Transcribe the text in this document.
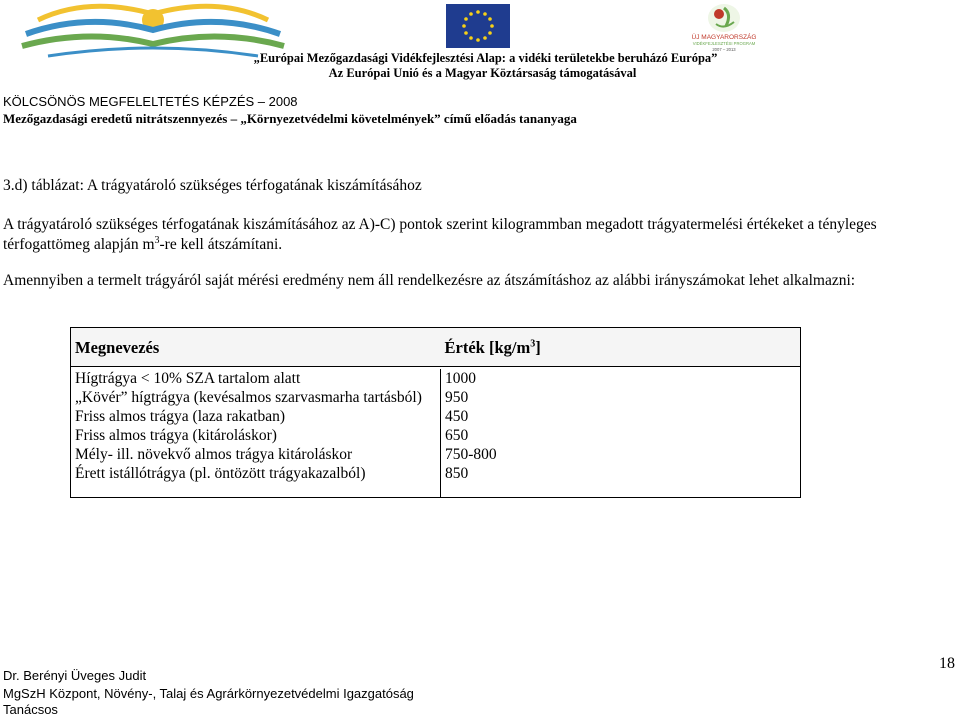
ÚJ MAGYARORSZÁG
VIDÉKFEJLESZTÉSI PROGRAM
2007 – 2013
„Európai Mezőgazdasági Vidékfejlesztési Alap: a vidéki területekbe beruházó Európa”
Az Európai Unió és a Magyar Köztársaság támogatásával
KÖLCSÖNÖS MEGFELELTETÉS KÉPZÉS – 2008
Mezőgazdasági eredetű nitrátszennyezés – „Környezetvédelmi követelmények” című előadás tananyaga
3.d) táblázat: A trágyatároló szükséges térfogatának kiszámításához
A trágyatároló szükséges térfogatának kiszámításához az A)-C) pontok szerint kilogrammban megadott trágyatermelési értékeket a tényleges térfogattömeg alapján $m^3-re$ kell átszámítani.
Amennyiben a termelt trágyáról saját mérési eredmény nem áll rendelkezésre az átszámításhoz az alábbi irányszámokat lehet alkalmazni:
Megnevezés	Érték $[kg/m^3]$

Hígtrágya < 10% SZA tartalom alatt	1000
„Kövér” hígtrágya (kevésalmos szarvasmarha tartásból)	950
Friss almos trágya (laza rakatban)	450
Friss almos trágya (kitároláskor)	650
Mély- ill. növekvő almos trágya kitároláskor	750-800
Érett istállótrágya (pl. öntözött trágyakazalból)	850
18
Dr. Berényi Üveges Judit
MgSzH Központ, Növény-, Talaj és Agrárkörnyezetvédelmi Igazgatóság
Tanácsos
